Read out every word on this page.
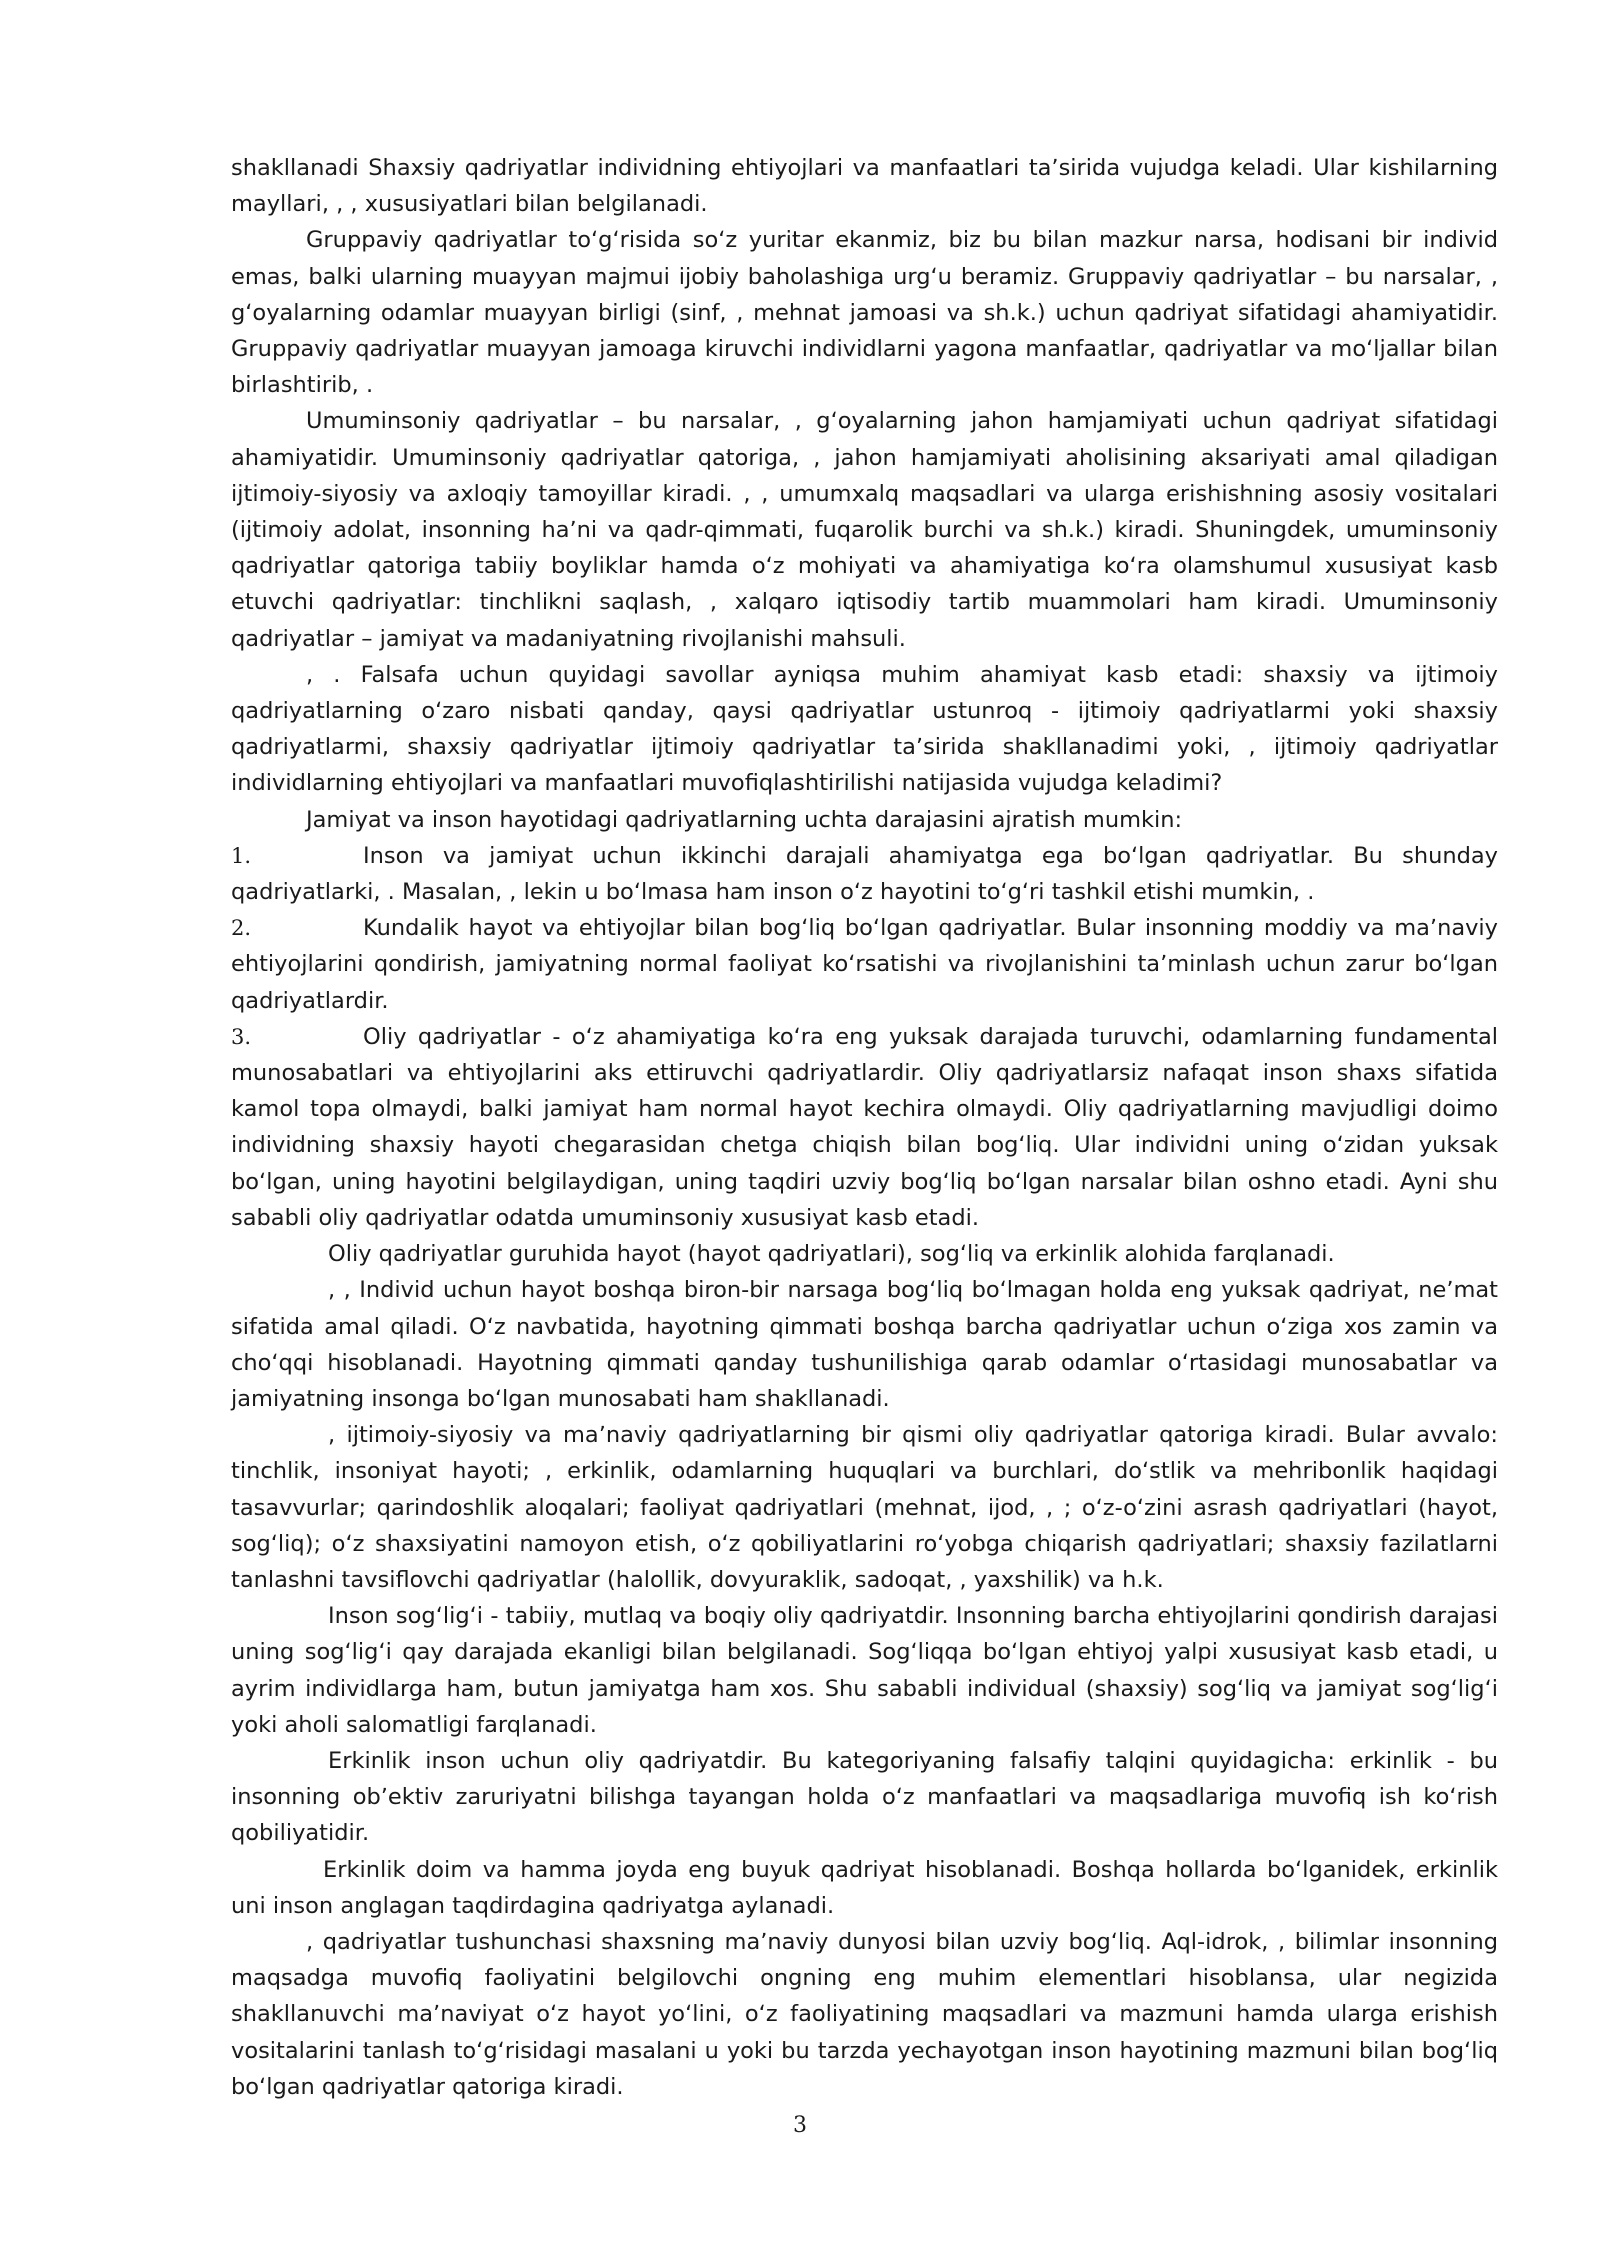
shakllanadi Shaxsiy qadriyatlar individning ehtiyojlari va manfaatlari taʼsirida vujudga keladi. Ular kishilarning mayllari, , , xususiyatlari bilan belgilanadi.

Gruppaviy qadriyatlar toʻgʻrisida soʻz yuritar ekanmiz, biz bu bilan mazkur narsa, hodisani bir individ emas, balki ularning muayyan majmui ijobiy baholashiga urgʻu beramiz. Gruppaviy qadriyatlar – bu narsalar, , gʻoyalarning odamlar muayyan birligi (sinf, , mehnat jamoasi va sh.k.) uchun qadriyat sifatidagi ahamiyatidir. Gruppaviy qadriyatlar muayyan jamoaga kiruvchi individlarni yagona manfaatlar, qadriyatlar va moʻljallar bilan birlashtirib, .

Umuminsoniy qadriyatlar – bu narsalar, , gʻoyalarning jahon hamjamiyati uchun qadriyat sifatidagi ahamiyatidir. Umuminsoniy qadriyatlar qatoriga, , jahon hamjamiyati aholisining aksariyati amal qiladigan ijtimoiy-siyosiy va axloqiy tamoyillar kiradi. , , umumxalq maqsadlari va ularga erishishning asosiy vositalari (ijtimoiy adolat, insonning haʼni va qadr-qimmati, fuqarolik burchi va sh.k.) kiradi. Shuningdek, umuminsoniy qadriyatlar qatoriga tabiiy boyliklar hamda oʻz mohiyati va ahamiyatiga koʻra olamshumul xususiyat kasb etuvchi qadriyatlar: tinchlikni saqlash, , xalqaro iqtisodiy tartib muammolari ham kiradi. Umuminsoniy qadriyatlar – jamiyat va madaniyatning rivojlanishi mahsuli.

, . Falsafa uchun quyidagi savollar ayniqsa muhim ahamiyat kasb etadi: shaxsiy va ijtimoiy qadriyatlarning oʻzaro nisbati qanday, qaysi qadriyatlar ustunroq - ijtimoiy qadriyatlarmi yoki shaxsiy qadriyatlarmi, shaxsiy qadriyatlar ijtimoiy qadriyatlar taʼsirida shakllanadimi yoki, , ijtimoiy qadriyatlar individlarning ehtiyojlari va manfaatlari muvofiqlashtirilishi natijasida vujudga keladimi?

Jamiyat va inson hayotidagi qadriyatlarning uchta darajasini ajratish mumkin:

1.	Inson va jamiyat uchun ikkinchi darajali ahamiyatga ega boʻlgan qadriyatlar. Bu shunday qadriyatlarki, . Masalan, , lekin u boʻlmasa ham inson oʻz hayotini toʻgʻri tashkil etishi mumkin, .

2.	Kundalik hayot va ehtiyojlar bilan bogʻliq boʻlgan qadriyatlar. Bular insonning moddiy va maʼnaviy ehtiyojlarini qondirish, jamiyatning normal faoliyat koʻrsatishi va rivojlanishini taʼminlash uchun zarur boʻlgan qadriyatlardir.

3.	Oliy qadriyatlar - oʻz ahamiyatiga koʻra eng yuksak darajada turuvchi, odamlarning fundamental munosabatlari va ehtiyojlarini aks ettiruvchi qadriyatlardir. Oliy qadriyatlarsiz nafaqat inson shaxs sifatida kamol topa olmaydi, balki jamiyat ham normal hayot kechira olmaydi. Oliy qadriyatlarning mavjudligi doimo individning shaxsiy hayoti chegarasidan chetga chiqish bilan bogʻliq. Ular individni uning oʻzidan yuksak boʻlgan, uning hayotini belgilaydigan, uning taqdiri uzviy bogʻliq boʻlgan narsalar bilan oshno etadi. Ayni shu sababli oliy qadriyatlar odatda umuminsoniy xususiyat kasb etadi.

Oliy qadriyatlar guruhida hayot (hayot qadriyatlari), sogʻliq va erkinlik alohida farqlanadi.

, , Individ uchun hayot boshqa biron-bir narsaga bogʻliq boʻlmagan holda eng yuksak qadriyat, neʼmat sifatida amal qiladi. Oʻz navbatida, hayotning qimmati boshqa barcha qadriyatlar uchun oʻziga xos zamin va choʻqqi hisoblanadi. Hayotning qimmati qanday tushunilishiga qarab odamlar oʻrtasidagi munosabatlar va jamiyatning insonga boʻlgan munosabati ham shakllanadi.

, ijtimoiy-siyosiy va maʼnaviy qadriyatlarning bir qismi oliy qadriyatlar qatoriga kiradi. Bular avvalo: tinchlik, insoniyat hayoti; , erkinlik, odamlarning huquqlari va burchlari, doʻstlik va mehribonlik haqidagi tasavvurlar; qarindoshlik aloqalari; faoliyat qadriyatlari (mehnat, ijod, , ; oʻz-oʻzini asrash qadriyatlari (hayot, sogʻliq); oʻz shaxsiyatini namoyon etish, oʻz qobiliyatlarini roʻyobga chiqarish qadriyatlari; shaxsiy fazilatlarni tanlashni tavsiflovchi qadriyatlar (halollik, dovyuraklik, sadoqat, , yaxshilik) va h.k.

Inson sogʻligʻi - tabiiy, mutlaq va boqiy oliy qadriyatdir. Insonning barcha ehtiyojlarini qondirish darajasi uning sogʻligʻi qay darajada ekanligi bilan belgilanadi. Sogʻliqqa boʻlgan ehtiyoj yalpi xususiyat kasb etadi, u ayrim individlarga ham, butun jamiyatga ham xos. Shu sababli individual (shaxsiy) sogʻliq va jamiyat sogʻligʻi yoki aholi salomatligi farqlanadi.

Erkinlik inson uchun oliy qadriyatdir. Bu kategoriyaning falsafiy talqini quyidagicha: erkinlik - bu insonning obʼektiv zaruriyatni bilishga tayangan holda oʻz manfaatlari va maqsadlariga muvofiq ish koʻrish qobiliyatidir.

Erkinlik doim va hamma joyda eng buyuk qadriyat hisoblanadi. Boshqa hollarda boʻlganidek, erkinlik uni inson anglagan taqdirdagina qadriyatga aylanadi.

, qadriyatlar tushunchasi shaxsning maʼnaviy dunyosi bilan uzviy bogʻliq. Aql-idrok, , bilimlar insonning maqsadga muvofiq faoliyatini belgilovchi ongning eng muhim elementlari hisoblansa, ular negizida shakllanuvchi maʼnaviyat oʻz hayot yoʻlini, oʻz faoliyatining maqsadlari va mazmuni hamda ularga erishish vositalarini tanlash toʻgʻrisidagi masalani u yoki bu tarzda yechayotgan inson hayotining mazmuni bilan bogʻliq boʻlgan qadriyatlar qatoriga kiradi.

3
